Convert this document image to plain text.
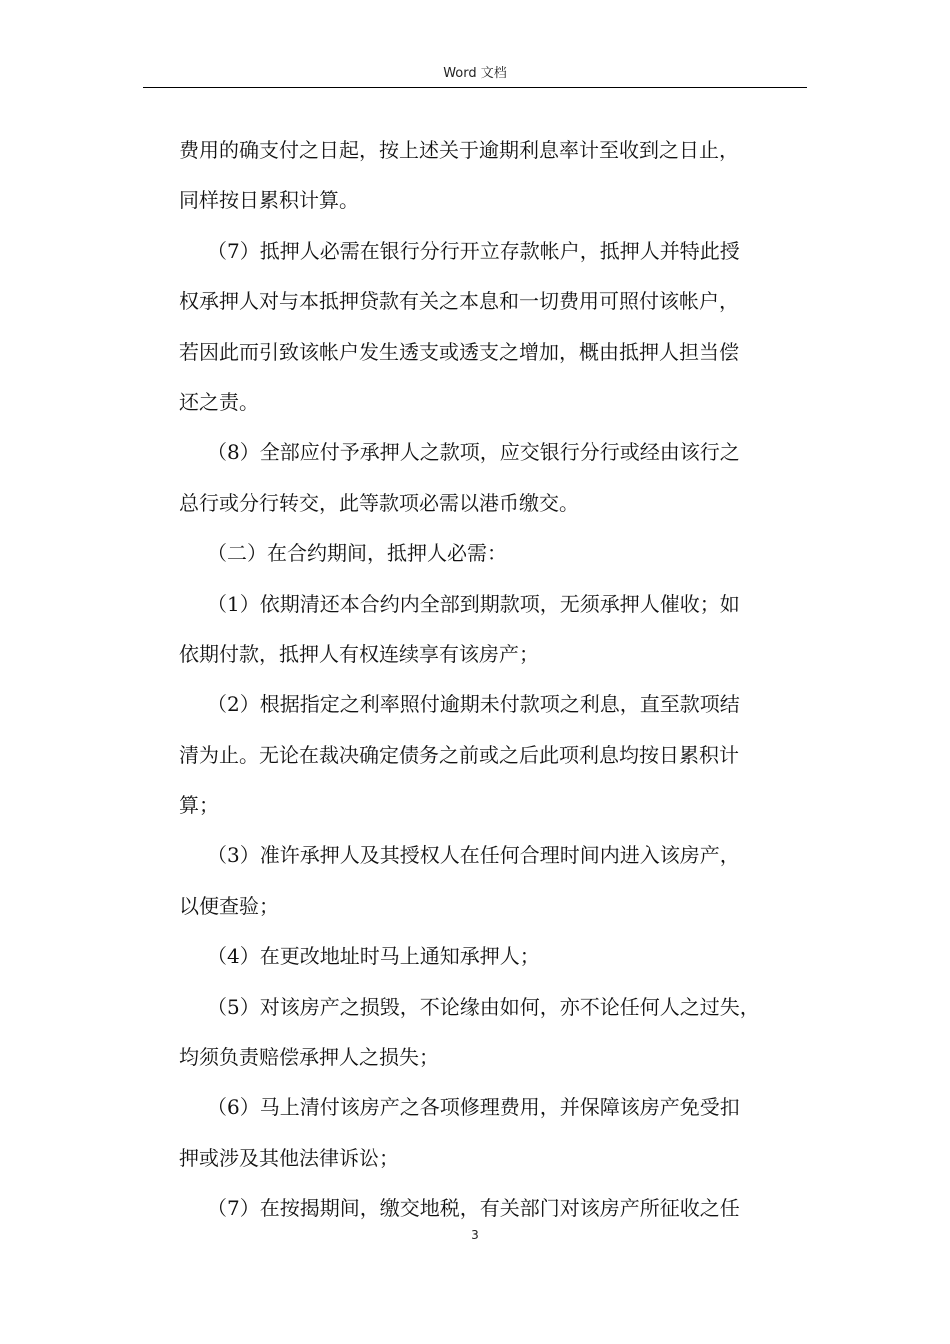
Word 文档
费用的确支付之日起，按上述关于逾期利息率计至收到之日止，
同样按日累积计算。
（7）抵押人必需在银行分行开立存款帐户，抵押人并特此授
权承押人对与本抵押贷款有关之本息和一切费用可照付该帐户，
若因此而引致该帐户发生透支或透支之增加，概由抵押人担当偿
还之责。
（8）全部应付予承押人之款项，应交银行分行或经由该行之
总行或分行转交，此等款项必需以港币缴交。
（二）在合约期间，抵押人必需：
（1）依期清还本合约内全部到期款项，无须承押人催收；如
依期付款，抵押人有权连续享有该房产；
（2）根据指定之利率照付逾期未付款项之利息，直至款项结
清为止。无论在裁决确定债务之前或之后此项利息均按日累积计
算；
（3）准许承押人及其授权人在任何合理时间内进入该房产，
以便查验；
（4）在更改地址时马上通知承押人；
（5）对该房产之损毁，不论缘由如何，亦不论任何人之过失，
均须负责赔偿承押人之损失；
（6）马上清付该房产之各项修理费用，并保障该房产免受扣
押或涉及其他法律诉讼；
（7）在按揭期间，缴交地税，有关部门对该房产所征收之任
3
